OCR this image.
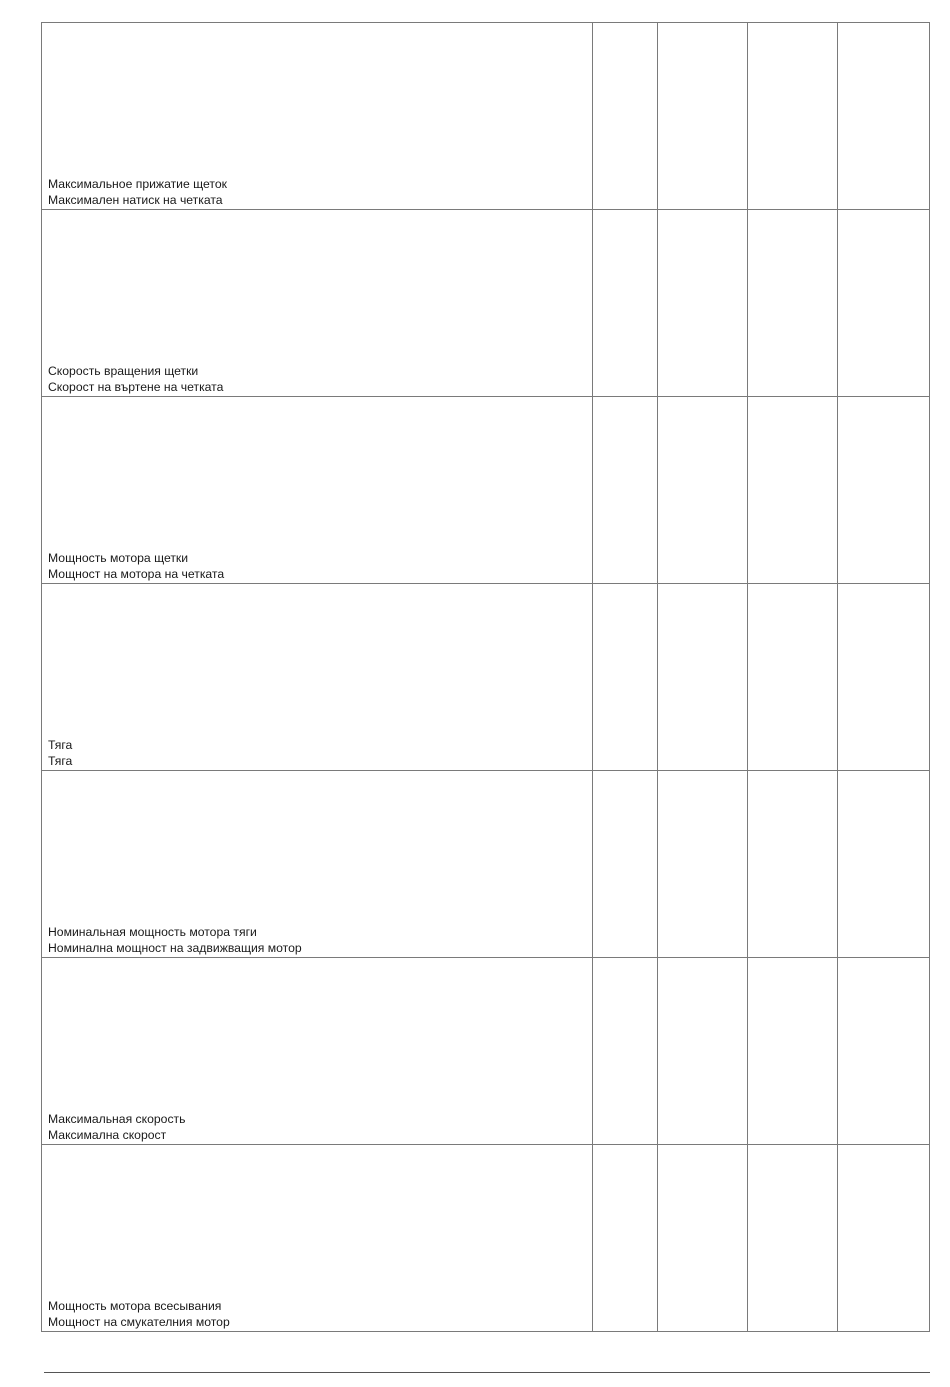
Максимальное прижатие щеток
Максимален натиск на четката				

Скорость вращения щетки
Скорост на въртене на четката				

Мощность мотора щетки
Мощност на мотора на четката				

Тяга
Тяга				

Номинальная мощность мотора тяги
Номинална мощност на задвижващия мотор				

Максимальная скорость
Максимална скорост				

Мощность мотора всесывания
Мощност на смукателния мотор				
